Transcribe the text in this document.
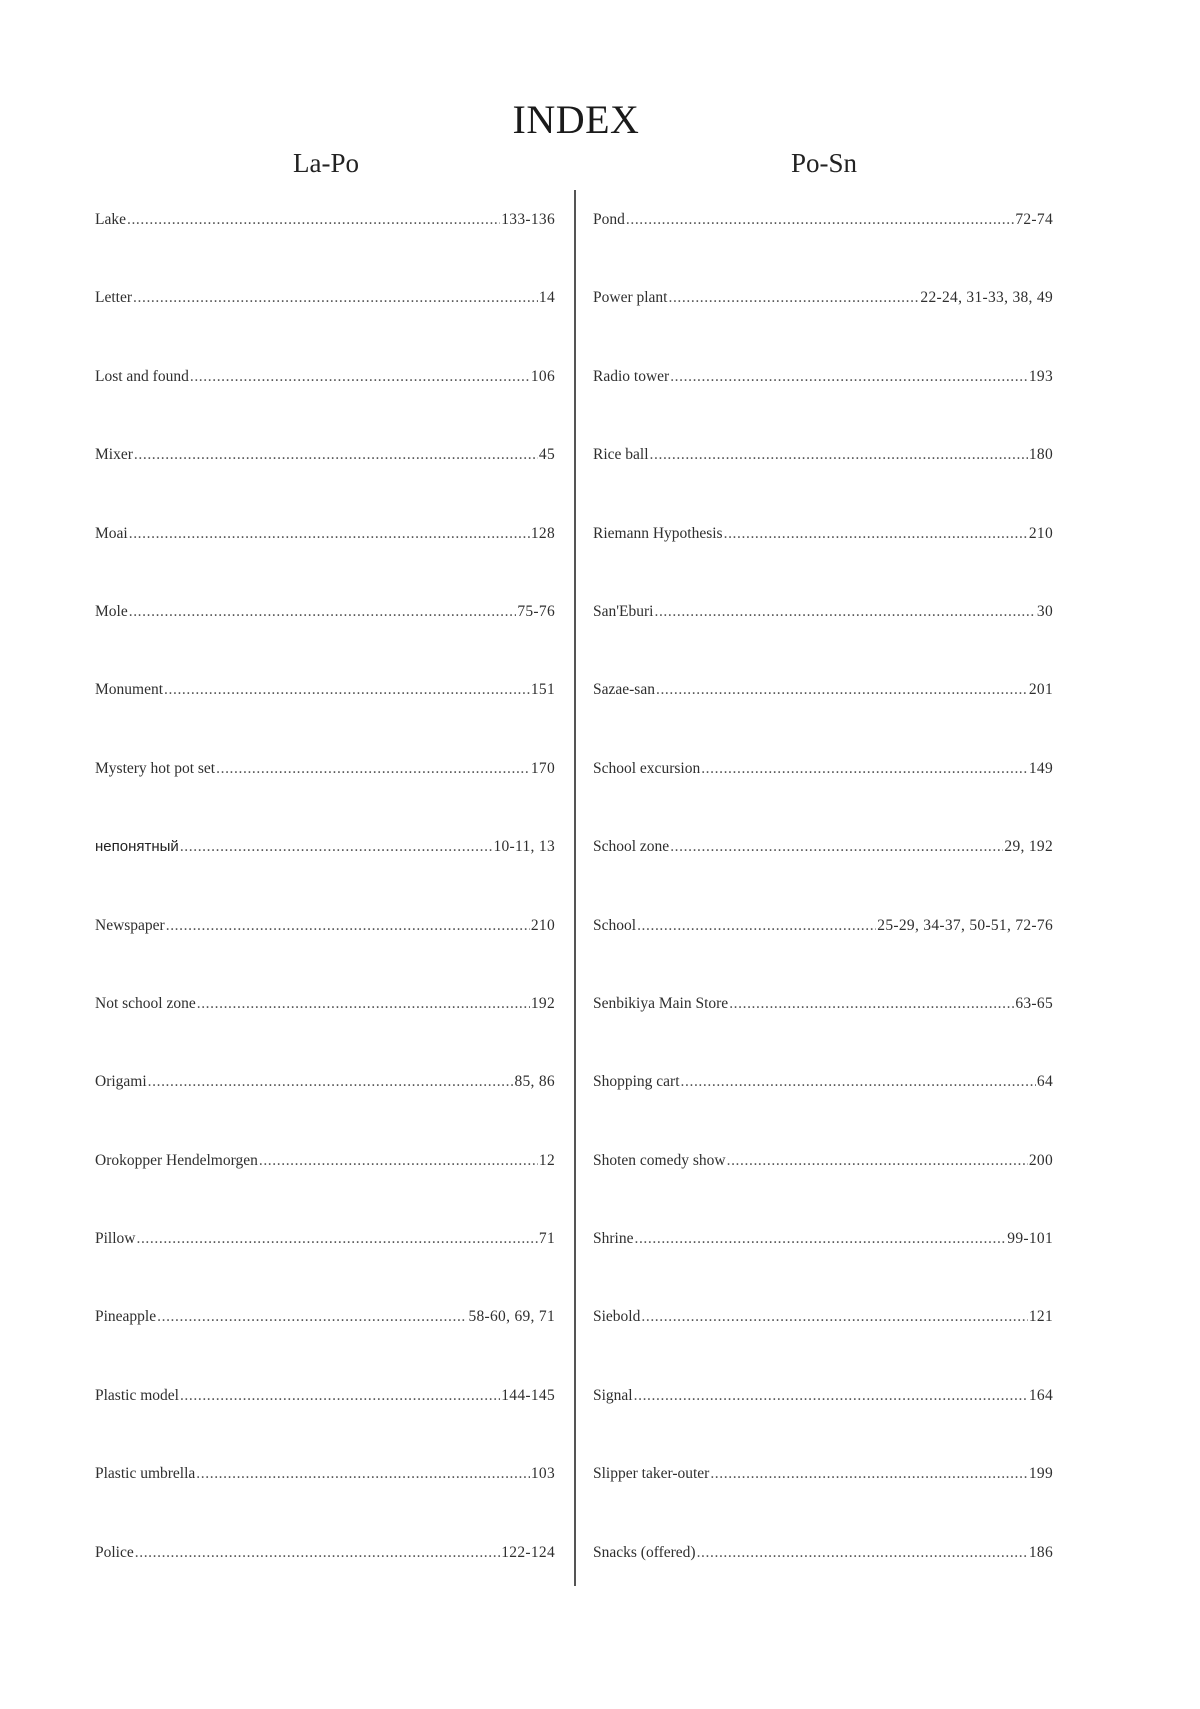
INDEX
La-Po	Po-Sn
Lake .....	133-136
Letter .....	14
Lost and found .....	106
Mixer .....	45
Moai .....	128
Mole .....	75-76
Monument .....	151
Mystery hot pot set .....	170
непонятный .....	10-11, 13
Newspaper .....	210
Not school zone .....	192
Origami .....	85, 86
Orokopper Hendelmorgen .....	12
Pillow .....	71
Pineapple .....	58-60, 69, 71
Plastic model .....	144-145
Plastic umbrella .....	103
Police .....	122-124
Pond .....	72-74
Power plant .....	22-24, 31-33, 38, 49
Radio tower .....	193
Rice ball .....	180
Riemann Hypothesis .....	210
San'Eburi .....	30
Sazae-san .....	201
School excursion .....	149
School zone .....	29, 192
School .....	25-29, 34-37, 50-51, 72-76
Senbikiya Main Store .....	63-65
Shopping cart .....	64
Shoten comedy show .....	200
Shrine .....	99-101
Siebold .....	121
Signal .....	164
Slipper taker-outer .....	199
Snacks (offered) .....	186
